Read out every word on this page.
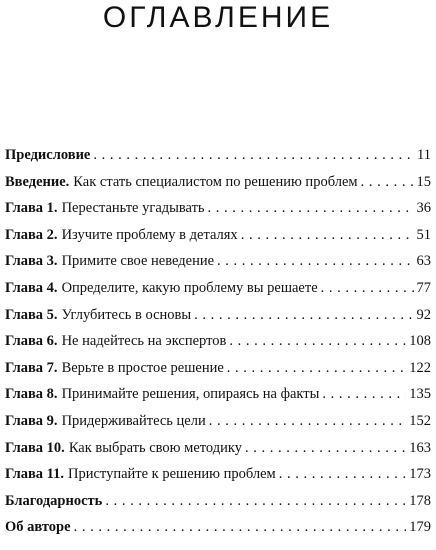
ОГЛАВЛЕНИЕ
Предисловие . . .	11
Введение. Как стать специалистом по решению проблем . . .	15
Глава 1. Перестаньте угадывать . . .	36
Глава 2. Изучите проблему в деталях . . .	51
Глава 3. Примите свое неведение . . .	63
Глава 4. Определите, какую проблему вы решаете . . .	77
Глава 5. Углубитесь в основы . . .	92
Глава 6. Не надейтесь на экспертов . . .	108
Глава 7. Верьте в простое решение . . .	122
Глава 8. Принимайте решения, опираясь на факты . . .	135
Глава 9. Придерживайтесь цели . . .	152
Глава 10. Как выбрать свою методику . . .	163
Глава 11. Приступайте к решению проблем . . .	173
Благодарность . . .	178
Об авторе . . .	179
